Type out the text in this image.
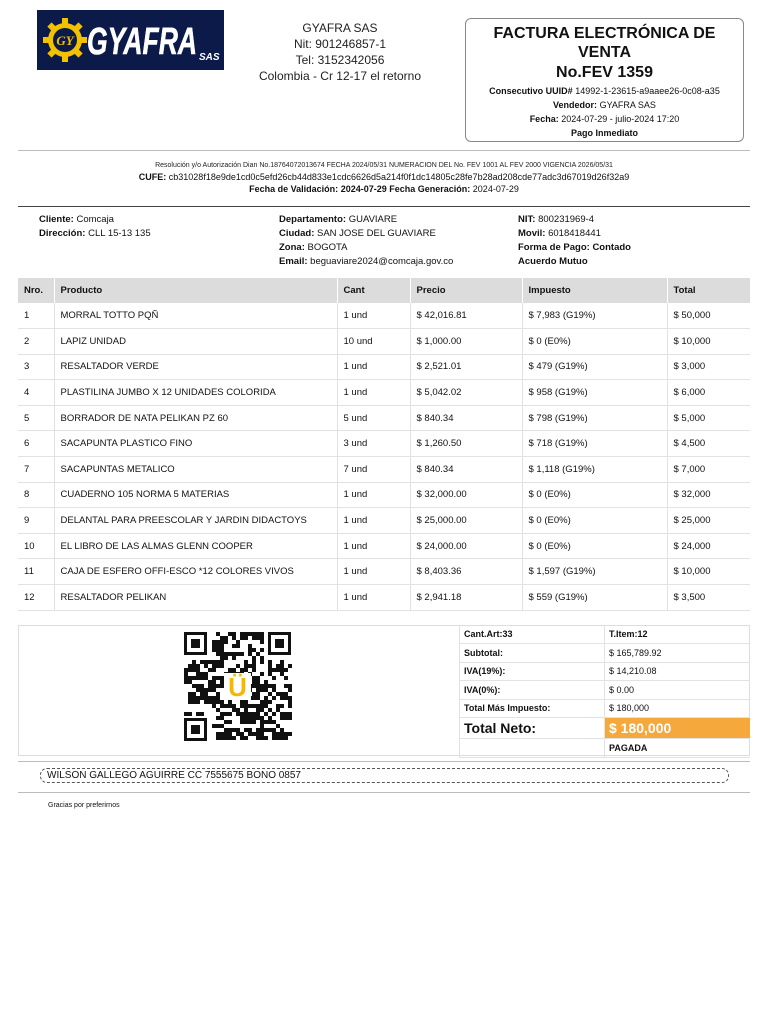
GY GYAFRA SAS
GYAFRA SAS
Nit: 901246857-1
Tel: 3152342056
Colombia - Cr 12-17 el retorno
FACTURA ELECTRÓNICA DE VENTA
No.FEV 1359
Consecutivo UUID# 14992-1-23615-a9aaee26-0c08-a35
Vendedor: GYAFRA SAS
Fecha: 2024-07-29 - julio-2024 17:20
Pago Inmediato
Resolución y/o Autorización Dian No.18764072013674 FECHA 2024/05/31 NUMERACION DEL No. FEV 1001 AL FEV 2000 VIGENCIA 2026/05/31
CUFE: cb31028f18e9de1cd0c5efd26cb44d833e1cdc6626d5a214f0f1dc14805c28fe7b28ad208cde77adc3d67019d26f32a9
Fecha de Validación: 2024-07-29 Fecha Generación: 2024-07-29
Cliente: Comcaja
Dirección: CLL 15-13 135
Departamento: GUAVIARE
Ciudad: SAN JOSE DEL GUAVIARE
Zona: BOGOTA
Email: beguaviare2024@comcaja.gov.co
NIT: 800231969-4
Movil: 6018418441
Forma de Pago: Contado
Acuerdo Mutuo
Nro.	Producto	Cant	Precio	Impuesto	Total
1	MORRAL TOTTO PQÑ	1 und	$ 42,016.81	$ 7,983 (G19%)	$ 50,000
2	LAPIZ UNIDAD	10 und	$ 1,000.00	$ 0 (E0%)	$ 10,000
3	RESALTADOR VERDE	1 und	$ 2,521.01	$ 479 (G19%)	$ 3,000
4	PLASTILINA JUMBO X 12 UNIDADES COLORIDA	1 und	$ 5,042.02	$ 958 (G19%)	$ 6,000
5	BORRADOR DE NATA PELIKAN PZ 60	5 und	$ 840.34	$ 798 (G19%)	$ 5,000
6	SACAPUNTA PLASTICO FINO	3 und	$ 1,260.50	$ 718 (G19%)	$ 4,500
7	SACAPUNTAS METALICO	7 und	$ 840.34	$ 1,118 (G19%)	$ 7,000
8	CUADERNO 105 NORMA 5 MATERIAS	1 und	$ 32,000.00	$ 0 (E0%)	$ 32,000
9	DELANTAL PARA PREESCOLAR Y JARDIN DIDACTOYS	1 und	$ 25,000.00	$ 0 (E0%)	$ 25,000
10	EL LIBRO DE LAS ALMAS GLENN COOPER	1 und	$ 24,000.00	$ 0 (E0%)	$ 24,000
11	CAJA DE ESFERO OFFI-ESCO *12 COLORES VIVOS	1 und	$ 8,403.36	$ 1,597 (G19%)	$ 10,000
12	RESALTADOR PELIKAN	1 und	$ 2,941.18	$ 559 (G19%)	$ 3,500
Ü
Cant.Art:33	T.Item:12
Subtotal:	$ 165,789.92
IVA(19%):	$ 14,210.08
IVA(0%):	$ 0.00
Total Más Impuesto:	$ 180,000
Total Neto:	$ 180,000
	PAGADA
WILSON GALLEGO AGUIRRE CC 7555675 BONO 0857
Gracias por preferirnos
